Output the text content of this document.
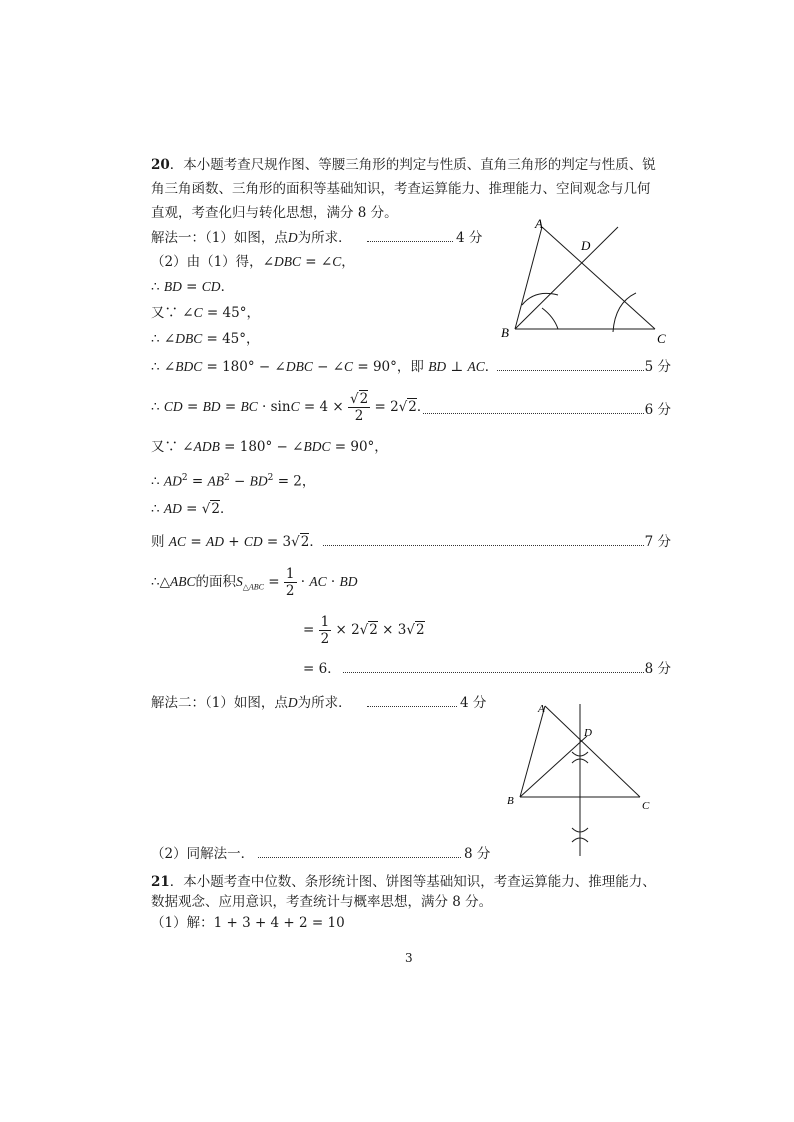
20．本小题考查尺规作图、等腰三角形的判定与性质、直角三角形的判定与性质、锐
角三角函数、三角形的面积等基础知识，考查运算能力、推理能力、空间观念与几何
直观，考查化归与转化思想，满分 8 分。
解法一：（1）如图，点D为所求．	4 分
（2）由（1）得，∠DBC = ∠C，
∴ BD = CD．
又∵ ∠C = 45°，
∴ ∠DBC = 45°，
∴ ∠BDC = 180° − ∠DBC − ∠C = 90°，即 BD ⊥ AC．	5 分
∴ CD = BD = BC · $\sin C = 4 \times \frac{√2}{2} = 2√2$．	6 分
又∵ ∠ADB = 180° − ∠BDC = 90°，
∴ $AD^2 = AB^2 - BD^2 = 2$，
∴ AD = √2．
则 AC = AD + CD = 3√2．	7 分
∴△ABC的面积$S_{\triangle ABC} = \frac{1}{2}$ · AC · BD
= $\frac{1}{2} \times 2√2 \times 3√2$
= 6．	8 分
A
D
B	C
解法二：（1）如图，点D为所求．	4 分
（2）同解法一．	8 分
A
D
B	C
21．本小题考查中位数、条形统计图、饼图等基础知识，考查运算能力、推理能力、
数据观念、应用意识，考查统计与概率思想，满分 8 分。
（1）解：1 + 3 + 4 + 2 = 10
3
